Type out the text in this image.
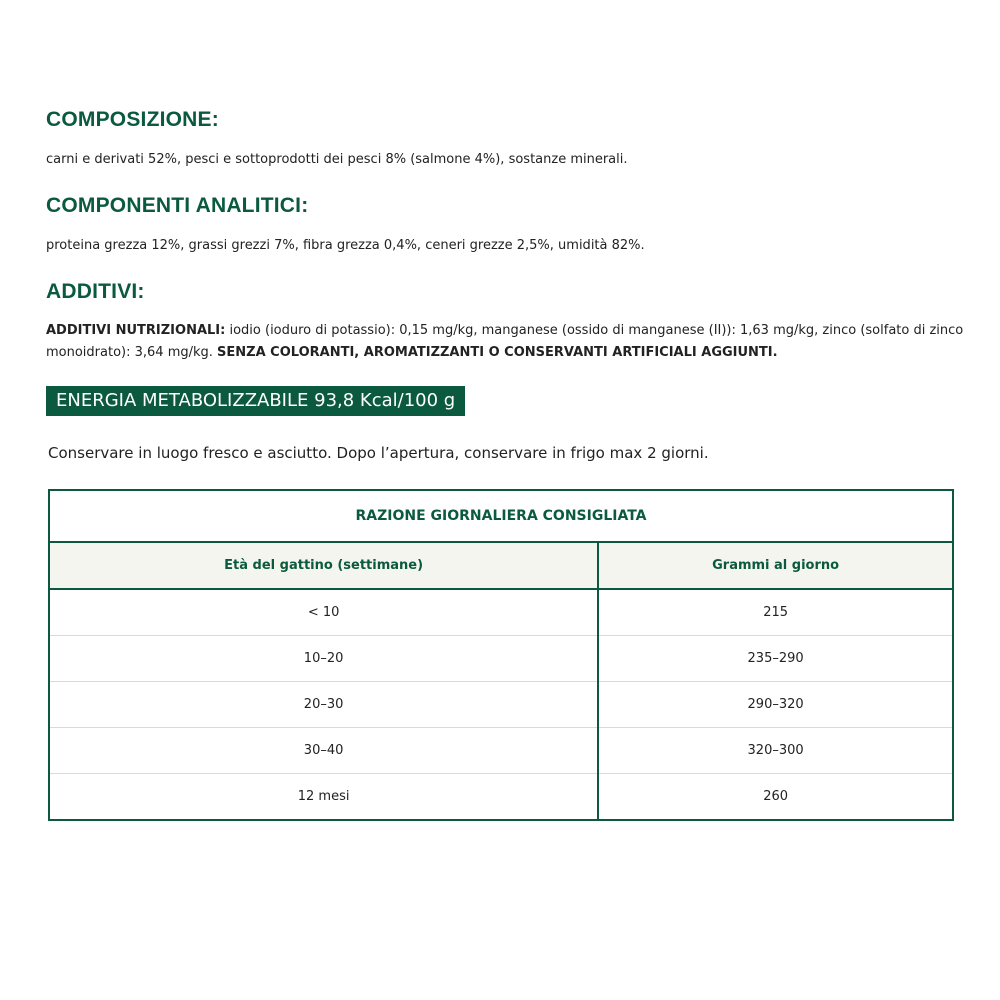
COMPOSIZIONE:

carni e derivati 52%, pesci e sottoprodotti dei pesci 8% (salmone 4%), sostanze minerali.

COMPONENTI ANALITICI:

proteina grezza 12%, grassi grezzi 7%, fibra grezza 0,4%, ceneri grezze 2,5%, umidità 82%.

ADDITIVI:

ADDITIVI NUTRIZIONALI: iodio (ioduro di potassio): 0,15 mg/kg, manganese (ossido di manganese (II)): 1,63 mg/kg, zinco (solfato di zinco monoidrato): 3,64 mg/kg. SENZA COLORANTI, AROMATIZZANTI O CONSERVANTI ARTIFICIALI AGGIUNTI.

ENERGIA METABOLIZZABILE 93,8 Kcal/100 g

Conservare in luogo fresco e asciutto. Dopo l’apertura, conservare in frigo max 2 giorni.

RAZIONE GIORNALIERA CONSIGLIATA	
Età del gattino (settimane)	Grammi al giorno
< 10	215
10–20	235–290
20–30	290–320
30–40	320–300
12 mesi	260
